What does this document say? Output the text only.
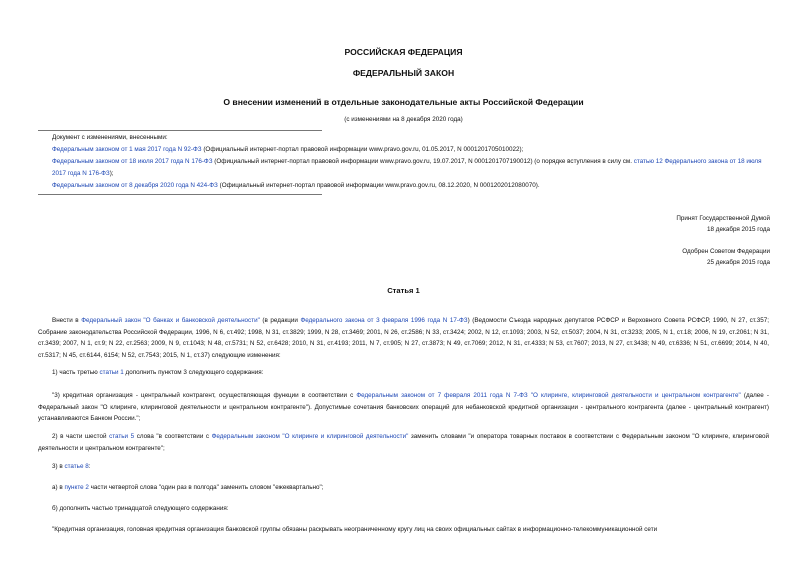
РОССИЙСКАЯ ФЕДЕРАЦИЯ
ФЕДЕРАЛЬНЫЙ ЗАКОН
О внесении изменений в отдельные законодательные акты Российской Федерации
(с изменениями на 8 декабря 2020 года)
Документ с изменениями, внесенными:
Федеральным законом от 1 мая 2017 года N 92-ФЗ (Официальный интернет-портал правовой информации www.pravo.gov.ru, 01.05.2017, N 0001201705010022);
Федеральным законом от 18 июля 2017 года N 176-ФЗ (Официальный интернет-портал правовой информации www.pravo.gov.ru, 19.07.2017, N 0001201707190012) (о порядке вступления в силу см. статью 12 Федерального закона от 18 июля 2017 года N 176-ФЗ);
Федеральным законом от 8 декабря 2020 года N 424-ФЗ (Официальный интернет-портал правовой информации www.pravo.gov.ru, 08.12.2020, N 0001202012080070).
Принят Государственной Думой
18 декабря 2015 года
Одобрен Советом Федерации
25 декабря 2015 года
Статья 1
Внести в Федеральный закон "О банках и банковской деятельности" (в редакции Федерального закона от 3 февраля 1996 года N 17-ФЗ) (Ведомости Съезда народных депутатов РСФСР и Верховного Совета РСФСР, 1990, N 27, ст.357; Собрание законодательства Российской Федерации, 1996, N 6, ст.492; 1998, N 31, ст.3829; 1999, N 28, ст.3469; 2001, N 26, ст.2586; N 33, ст.3424; 2002, N 12, ст.1093; 2003, N 52, ст.5037; 2004, N 31, ст.3233; 2005, N 1, ст.18; 2006, N 19, ст.2061; N 31, ст.3439; 2007, N 1, ст.9; N 22, ст.2563; 2009, N 9, ст.1043; N 48, ст.5731; N 52, ст.6428; 2010, N 31, ст.4193; 2011, N 7, ст.905; N 27, ст.3873; N 49, ст.7069; 2012, N 31, ст.4333; N 53, ст.7607; 2013, N 27, ст.3438; N 49, ст.6336; N 51, ст.6699; 2014, N 40, ст.5317; N 45, ст.6144, 6154; N 52, ст.7543; 2015, N 1, ст.37) следующие изменения:
1) часть третью статьи 1 дополнить пунктом 3 следующего содержания:
"3) кредитная организация - центральный контрагент, осуществляющая функции в соответствии с Федеральным законом от 7 февраля 2011 года N 7-ФЗ "О клиринге, клиринговой деятельности и центральном контрагенте" (далее - Федеральный закон "О клиринге, клиринговой деятельности и центральном контрагенте"). Допустимые сочетания банковских операций для небанковской кредитной организации - центрального контрагента (далее - центральный контрагент) устанавливаются Банком России.";
2) в части шестой статьи 5 слова "в соответствии с Федеральным законом "О клиринге и клиринговой деятельности" заменить словами "и оператора товарных поставок в соответствии с Федеральным законом "О клиринге, клиринговой деятельности и центральном контрагенте";
3) в статье 8:
а) в пункте 2 части четвертой слова "один раз в полгода" заменить словом "ежеквартально";
б) дополнить частью тринадцатой следующего содержания:
"Кредитная организация, головная кредитная организация банковской группы обязаны раскрывать неограниченному кругу лиц на своих официальных сайтах в информационно-телекоммуникационной сети
